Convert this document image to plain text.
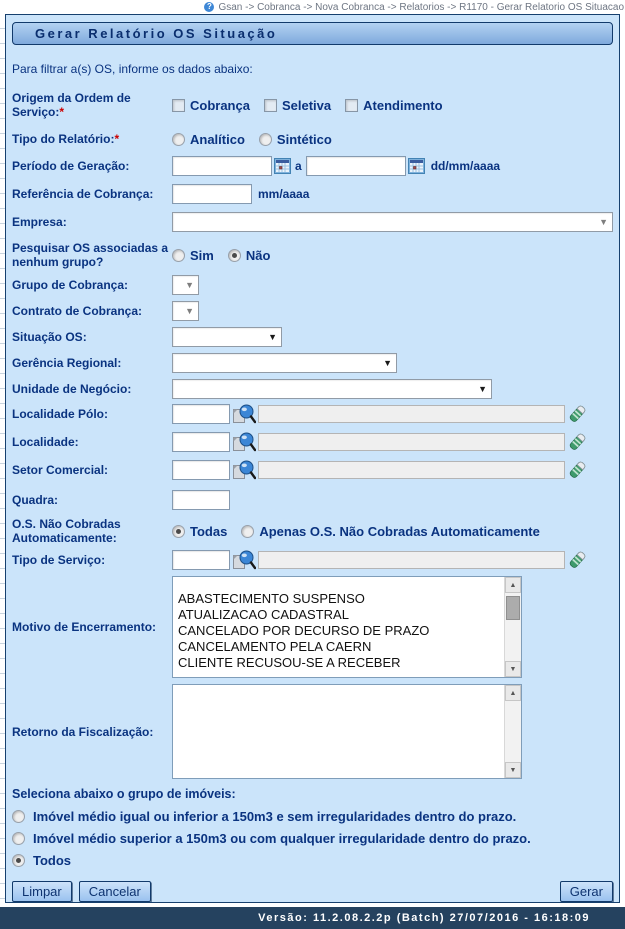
? Gsan -> Cobranca -> Nova Cobranca -> Relatorios -> R1170 - Gerar Relatorio OS Situacao
Gerar Relatório OS Situação
Para filtrar a(s) OS, informe os dados abaixo:
Origem da Ordem de Serviço:*	Cobrança Seletiva Atendimento
Tipo do Relatório:*	Analítico Sintético
Período de Geração:	a	dd/mm/aaaa
Referência de Cobrança:	mm/aaaa
Empresa:	▼
Pesquisar OS associadas a nenhum grupo?	Sim Não
Grupo de Cobrança:	▼
Contrato de Cobrança:	▼
Situação OS:	▼
Gerência Regional:	▼
Unidade de Negócio:	▼
Localidade Pólo:
Localidade:
Setor Comercial:
Quadra:
O.S. Não Cobradas Automaticamente:	Todas Apenas O.S. Não Cobradas Automaticamente
Tipo de Serviço:
Motivo de Encerramento:
ABASTECIMENTO SUSPENSO
ATUALIZACAO CADASTRAL
CANCELADO POR DECURSO DE PRAZO
CANCELAMENTO PELA CAERN
CLIENTE RECUSOU-SE A RECEBER
▲
▼
Retorno da Fiscalização:
▲
▼
Seleciona abaixo o grupo de imóveis:
Imóvel médio igual ou inferior a 150m3 e sem irregularidades dentro do prazo.
Imóvel médio superior a 150m3 ou com qualquer irregularidade dentro do prazo.
Todos
Limpar	Cancelar	Gerar
Versão: 11.2.08.2.2p (Batch) 27/07/2016 - 16:18:09
